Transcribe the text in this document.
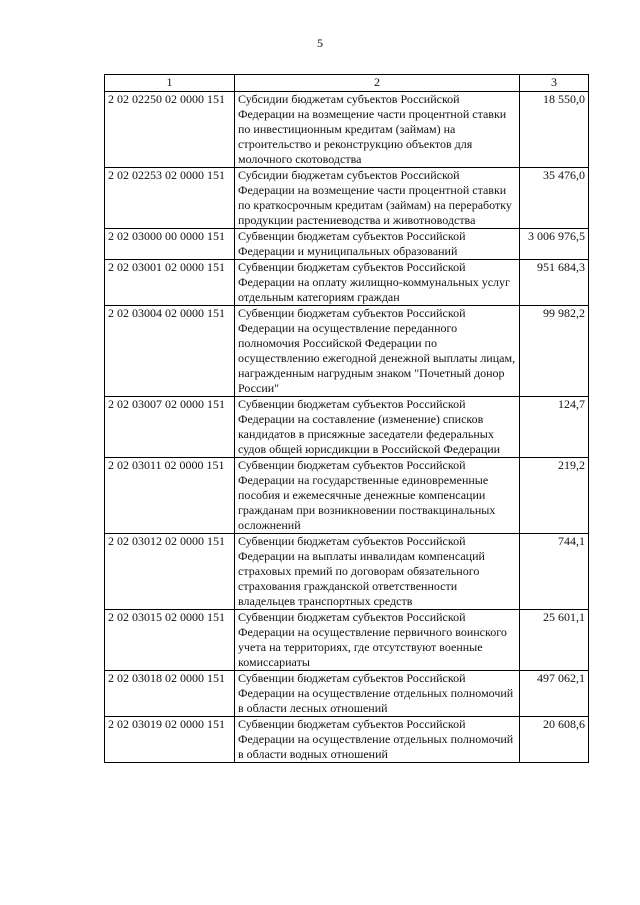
5
1	2	3
2 02 02250 02 0000 151	Субсидии бюджетам субъектов Российской Федерации на возмещение части процентной ставки по инвестиционным кредитам (займам) на строительство и реконструкцию объектов для молочного скотоводства	18 550,0
2 02 02253 02 0000 151	Субсидии бюджетам субъектов Российской Федерации на возмещение части процентной ставки по краткосрочным кредитам (займам) на переработку продукции растениеводства и животноводства	35 476,0
2 02 03000 00 0000 151	Субвенции бюджетам субъектов Российской Федерации и муниципальных образований	3 006 976,5
2 02 03001 02 0000 151	Субвенции бюджетам субъектов Российской Федерации на оплату жилищно-коммунальных услуг отдельным категориям граждан	951 684,3
2 02 03004 02 0000 151	Субвенции бюджетам субъектов Российской Федерации на осуществление переданного полномочия Российской Федерации по осуществлению ежегодной денежной выплаты лицам, награжденным нагрудным знаком "Почетный донор России"	99 982,2
2 02 03007 02 0000 151	Субвенции бюджетам субъектов Российской Федерации на составление (изменение) списков кандидатов в присяжные заседатели федеральных судов общей юрисдикции в Российской Федерации	124,7
2 02 03011 02 0000 151	Субвенции бюджетам субъектов Российской Федерации на государственные единовременные пособия и ежемесячные денежные компенсации гражданам при возникновении поствакцинальных осложнений	219,2
2 02 03012 02 0000 151	Субвенции бюджетам субъектов Российской Федерации на выплаты инвалидам компенсаций страховых премий по договорам обязательного страхования гражданской ответственности владельцев транспортных средств	744,1
2 02 03015 02 0000 151	Субвенции бюджетам субъектов Российской Федерации на осуществление первичного воинского учета на территориях, где отсутствуют военные комиссариаты	25 601,1
2 02 03018 02 0000 151	Субвенции бюджетам субъектов Российской Федерации на осуществление отдельных полномочий в области лесных отношений	497 062,1
2 02 03019 02 0000 151	Субвенции бюджетам субъектов Российской Федерации на осуществление отдельных полномочий в области водных отношений	20 608,6
